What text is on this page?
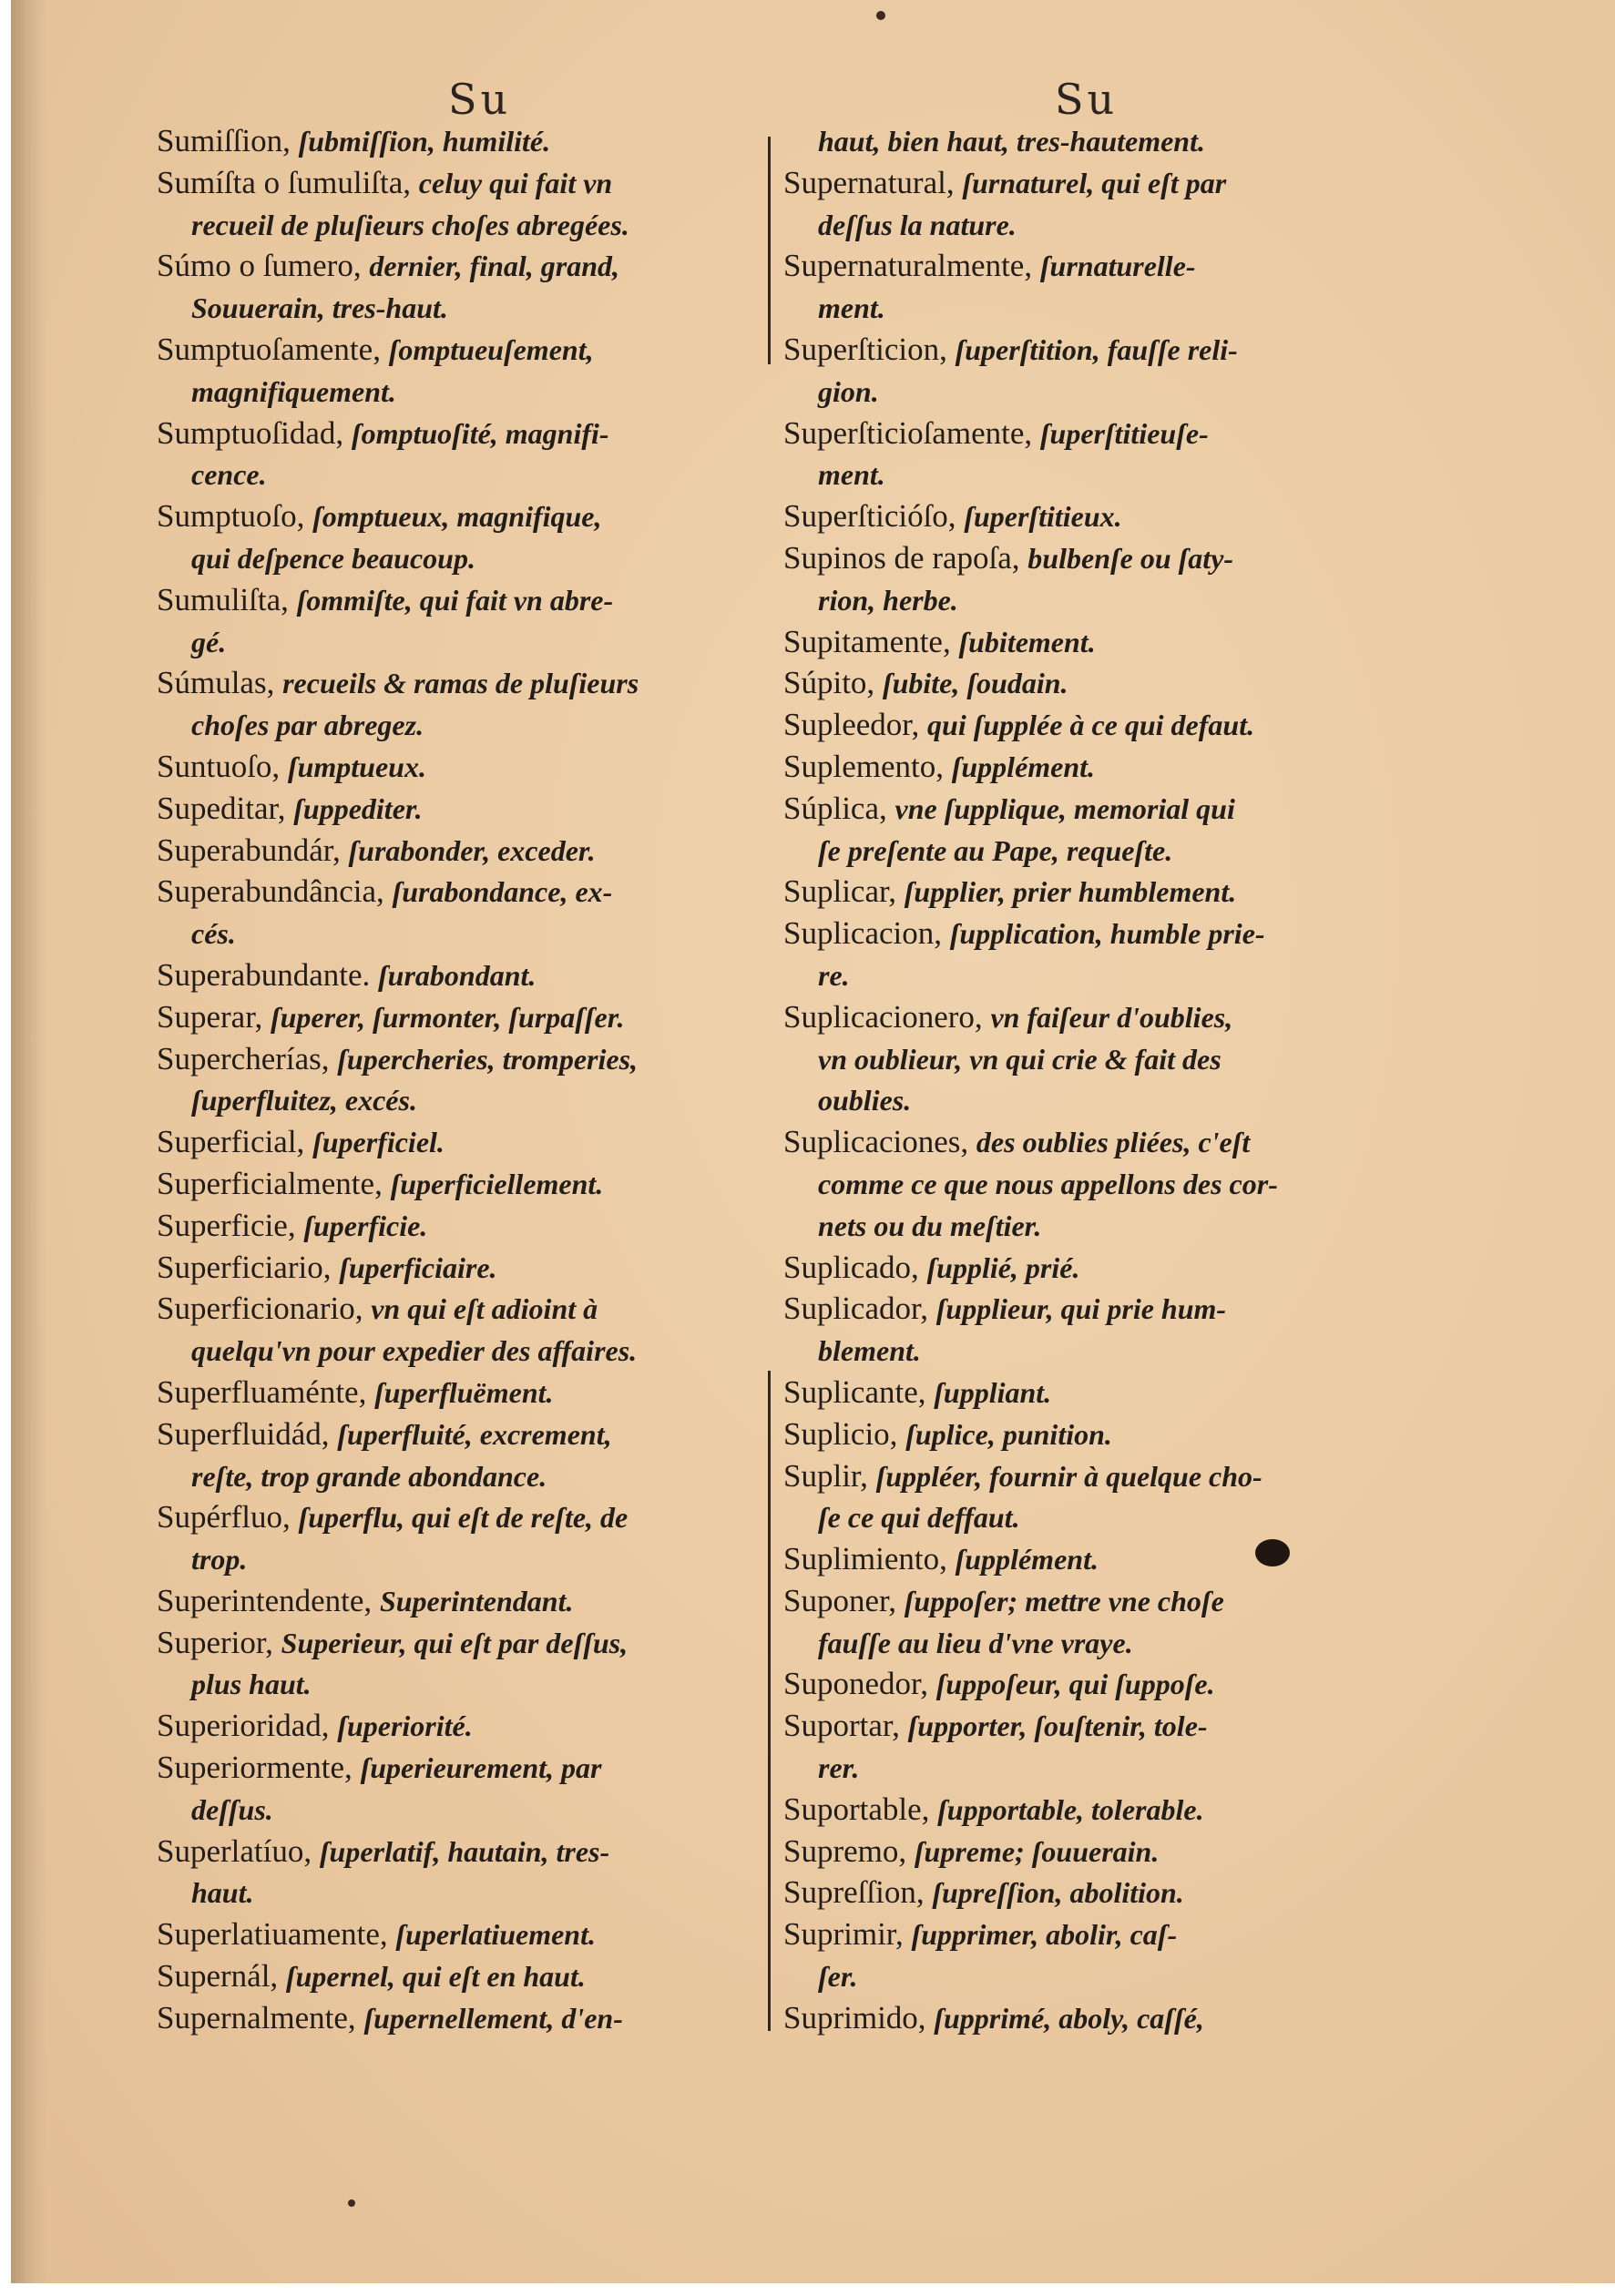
Su	Su
Sumiſſion, ſubmiſſion, humilité.
Sumíſta o ſumuliſta, celuy qui fait vn
recueil de pluſieurs choſes abregées.
Súmo o ſumero, dernier, final, grand,
Souuerain, tres-haut.
Sumptuoſamente, ſomptueuſement,
magnifiquement.
Sumptuoſidad, ſomptuoſité, magnifi-
cence.
Sumptuoſo, ſomptueux, magnifique,
qui deſpence beaucoup.
Sumuliſta, ſommiſte, qui fait vn abre-
gé.
Súmulas, recueils & ramas de pluſieurs
choſes par abregez.
Suntuoſo, ſumptueux.
Supeditar, ſuppediter.
Superabundár, ſurabonder, exceder.
Superabundância, ſurabondance, ex-
cés.
Superabundante. ſurabondant.
Superar, ſuperer, ſurmonter, ſurpaſſer.
Supercherías, ſupercheries, tromperies,
ſuperfluitez, excés.
Superficial, ſuperficiel.
Superficialmente, ſuperficiellement.
Superficie, ſuperficie.
Superficiario, ſuperficiaire.
Superficionario, vn qui eſt adioint à
quelqu'vn pour expedier des affaires.
Superfluaménte, ſuperfluëment.
Superfluidád, ſuperfluité, excrement,
reſte, trop grande abondance.
Supérfluo, ſuperflu, qui eſt de reſte, de
trop.
Superintendente, Superintendant.
Superior, Superieur, qui eſt par deſſus,
plus haut.
Superioridad, ſuperiorité.
Superiormente, ſuperieurement, par
deſſus.
Superlatíuo, ſuperlatif, hautain, tres-
haut.
Superlatiuamente, ſuperlatiuement.
Supernál, ſupernel, qui eſt en haut.
Supernalmente, ſupernellement, d'en-
haut, bien haut, tres-hautement.
Supernatural, ſurnaturel, qui eſt par
deſſus la nature.
Supernaturalmente, ſurnaturelle-
ment.
Superſticion, ſuperſtition, fauſſe reli-
gion.
Superſticioſamente, ſuperſtitieuſe-
ment.
Superſticióſo, ſuperſtitieux.
Supinos de rapoſa, bulbenſe ou ſaty-
rion, herbe.
Supitamente, ſubitement.
Súpito, ſubite, ſoudain.
Supleedor, qui ſupplée à ce qui defaut.
Suplemento, ſupplément.
Súplica, vne ſupplique, memorial qui
ſe preſente au Pape, requeſte.
Suplicar, ſupplier, prier humblement.
Suplicacion, ſupplication, humble prie-
re.
Suplicacionero, vn faiſeur d'oublies,
vn oublieur, vn qui crie & fait des
oublies.
Suplicaciones, des oublies pliées, c'eſt
comme ce que nous appellons des cor-
nets ou du meſtier.
Suplicado, ſupplié, prié.
Suplicador, ſupplieur, qui prie hum-
blement.
Suplicante, ſuppliant.
Suplicio, ſuplice, punition.
Suplir, ſuppléer, fournir à quelque cho-
ſe ce qui deffaut.
Suplimiento, ſupplément.
Suponer, ſuppoſer; mettre vne choſe
fauſſe au lieu d'vne vraye.
Suponedor, ſuppoſeur, qui ſuppoſe.
Suportar, ſupporter, ſouſtenir, tole-
rer.
Suportable, ſupportable, tolerable.
Supremo, ſupreme; ſouuerain.
Supreſſion, ſupreſſion, abolition.
Suprimir, ſupprimer, abolir, caſ-
ſer.
Suprimido, ſupprimé, aboly, caſſé,
